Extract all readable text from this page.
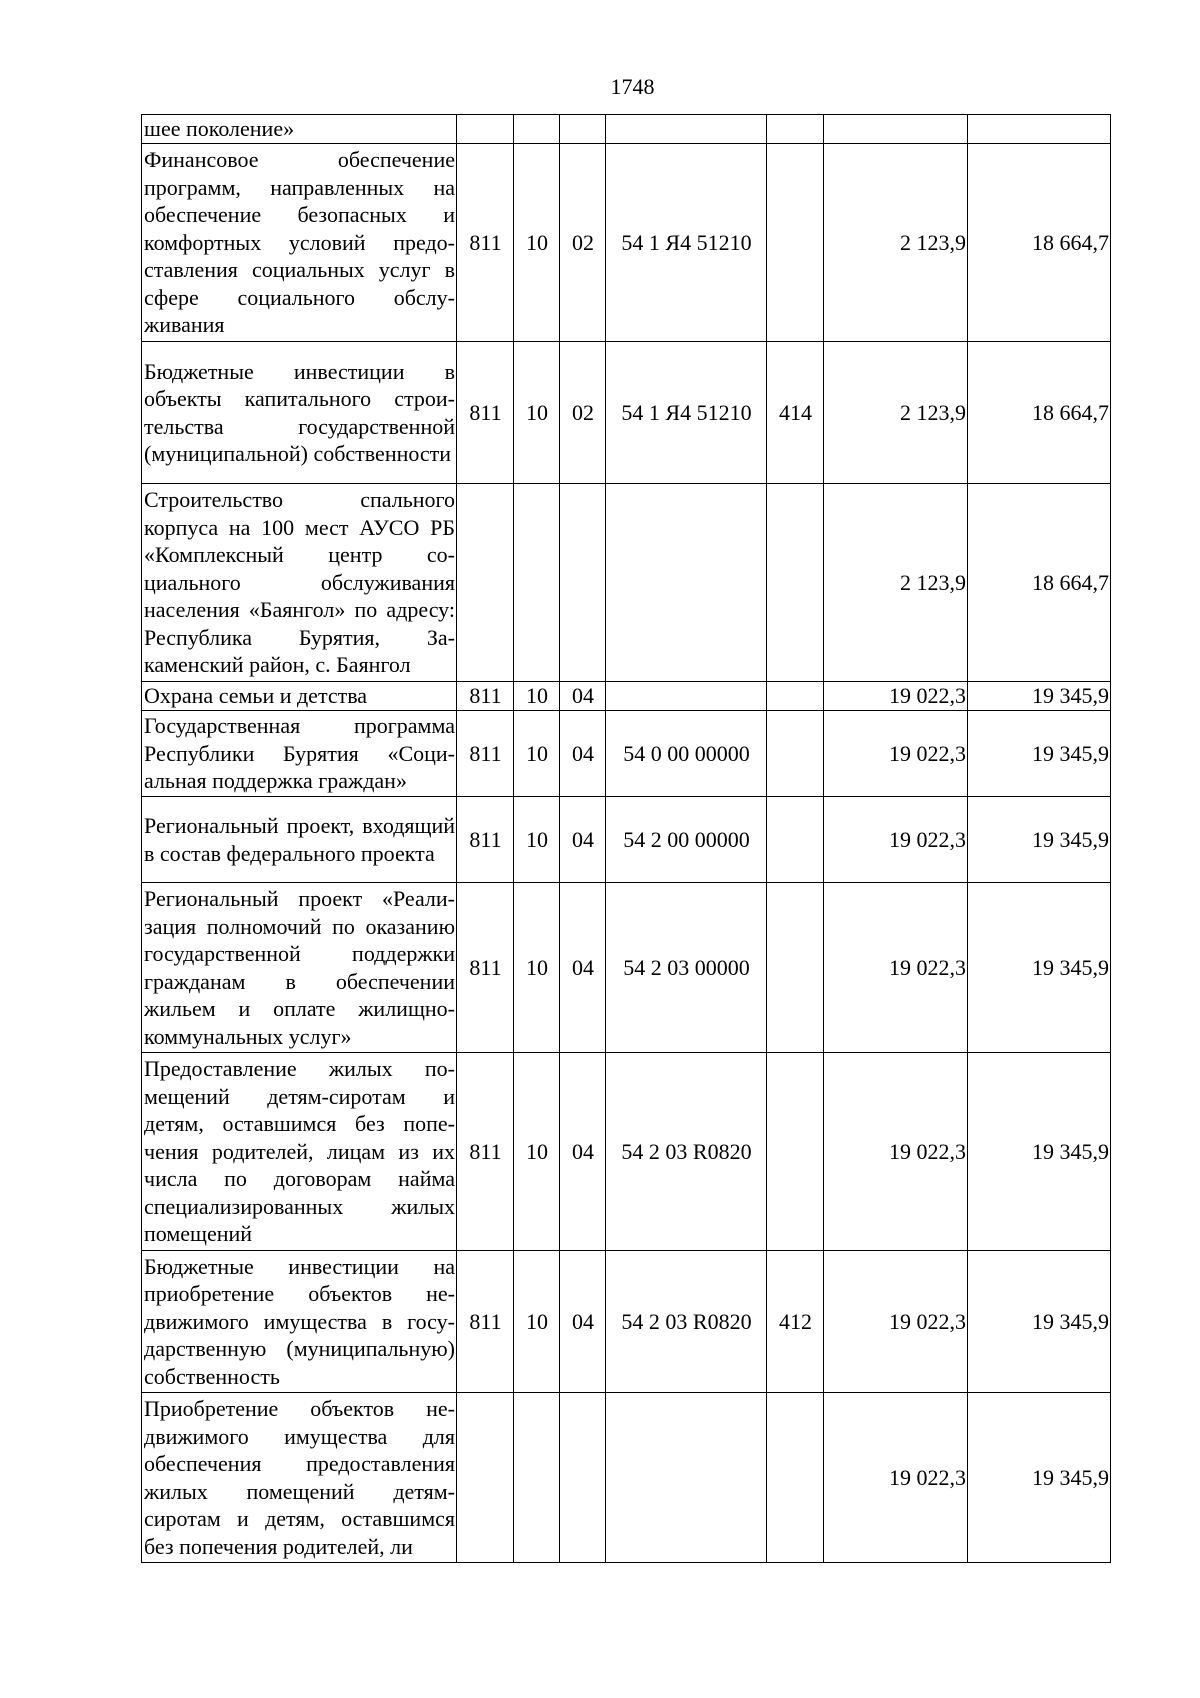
1748
шее поколение»							
Финансовое обеспечение программ, направленных на обеспечение безопасных и комфортных условий предоставления социальных услуг в сфере социального обслуживания	811	10	02	54 1 Я4 51210		2 123,9	18 664,7
Бюджетные инвестиции в объекты капитального строительства государственной (муниципальной) собственности	811	10	02	54 1 Я4 51210	414	2 123,9	18 664,7
Строительство спального корпуса на 100 мест АУСО РБ «Комплексный центр социального обслуживания населения «Баянгол» по адресу: Республика Бурятия, Закаменский район, с. Баянгол						2 123,9	18 664,7
Охрана семьи и детства	811	10	04			19 022,3	19 345,9
Государственная программа Республики Бурятия «Социальная поддержка граждан»	811	10	04	54 0 00 00000		19 022,3	19 345,9
Региональный проект, входящий в состав федерального проекта	811	10	04	54 2 00 00000		19 022,3	19 345,9
Региональный проект «Реализация полномочий по оказанию государственной поддержки гражданам в обеспечении жильем и оплате жилищно-коммунальных услуг»	811	10	04	54 2 03 00000		19 022,3	19 345,9
Предоставление жилых помещений детям-сиротам и детям, оставшимся без попечения родителей, лицам из их числа по договорам найма специализированных жилых помещений	811	10	04	54 2 03 R0820		19 022,3	19 345,9
Бюджетные инвестиции на приобретение объектов недвижимого имущества в государственную (муниципальную) собственность	811	10	04	54 2 03 R0820	412	19 022,3	19 345,9
Приобретение объектов недвижимого имущества для обеспечения предоставления жилых помещений детям-сиротам и детям, оставшимся без попечения родителей, ли						19 022,3	19 345,9
